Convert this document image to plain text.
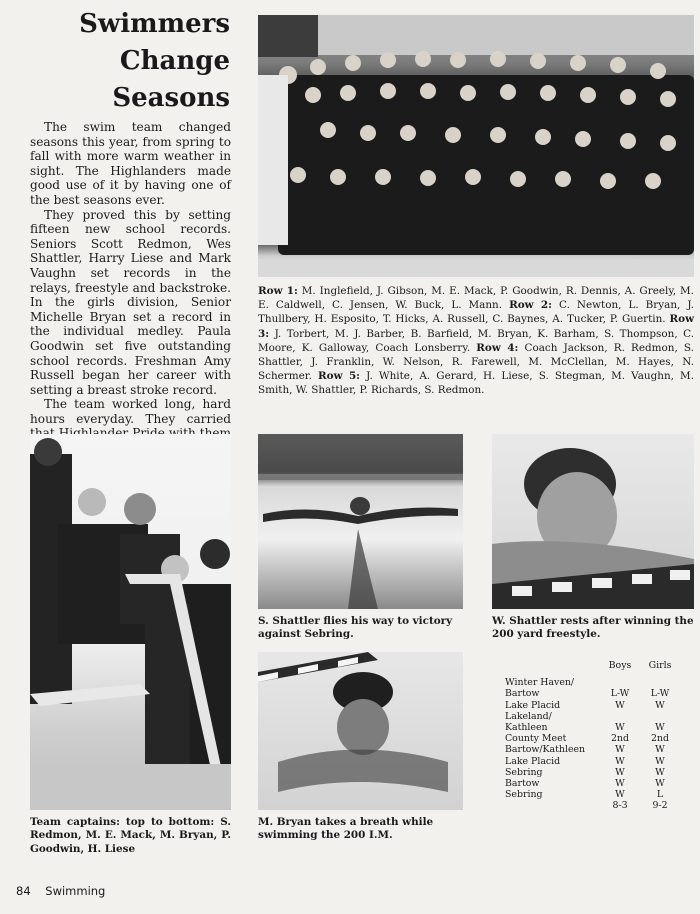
Swimmers
Change
Seasons

The swim team changed seasons this year, from spring to fall with more warm weather in sight. The Highlanders made good use of it by having one of the best seasons ever.

They proved this by setting fifteen new school records. Seniors Scott Redmon, Wes Shattler, Harry Liese and Mark Vaughn set records in the relays, freestyle and backstroke. In the girls division, Senior Michelle Bryan set a record in the individual medley. Paula Goodwin set five outstanding school records. Freshman Amy Russell began her career with setting a breast stroke record.

The team worked long, hard hours everyday. They carried

Row 1: M. Inglefield, J. Gibson, M. E. Mack, P. Goodwin, R. Dennis, A. Greely, M. E. Caldwell, C. Jensen, W. Buck, L. Mann. Row 2: C. Newton, L. Bryan, J. Thullbery, H. Esposito, T. Hicks, A. Russell, C. Baynes, A. Tucker, P. Guertin. Row 3: J. Torbert, M. J. Barber, B. Barfield, M. Bryan, K. Barham, S. Thompson, C. Moore, K. Galloway, Coach Lonsberry. Row 4: Coach Jackson, R. Redmon, S. Shattler, J. Franklin, W. Nelson, R. Farewell, M. McClellan, M. Hayes, N. Schermer. Row 5: J. White, A. Gerard, H. Liese, S. Stegman, M. Vaughn, M. Smith, W. Shattler, P. Richards, S. Redmon.
Team captains: top to bottom: S. Redmon, M. E. Mack, M. Bryan, P. Goodwin, H. Liese
S. Shattler flies his way to victory against Sebring.
W. Shattler rests after winning the 200 yard freestyle.
M. Bryan takes a breath while swimming the 200 I.M.
	Boys	Girls

Winter Haven/		
Bartow	L-W	L-W
Lake Placid	W	W
Lakeland/		
Kathleen	W	W
County Meet	2nd	2nd
Bartow/Kathleen	W	W
Lake Placid	W	W
Sebring	W	W
Bartow	W	W
Sebring	W	L
	8-3	9-2
84 Swimming
